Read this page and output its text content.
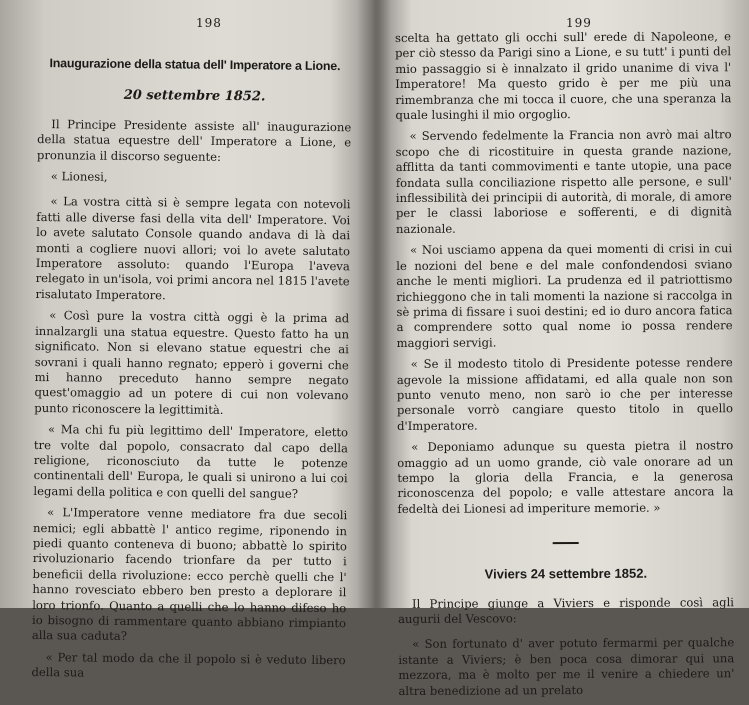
198
Inaugurazione della statua dell' Imperatore a Lione.
20 settembre 1852.

Il Principe Presidente assiste all' inaugurazione della statua equestre dell' Imperatore a Lione, e pronunzia il discorso seguente:

« Lionesi,

« La vostra città si è sempre legata con notevoli fatti alle diverse fasi della vita dell' Imperatore. Voi lo avete salutato Console quando andava di là dai monti a cogliere nuovi allori; voi lo avete salutato Imperatore assoluto: quando l'Europa l'aveva relegato in un'isola, voi primi ancora nel 1815 l'avete risalutato Imperatore.

« Così pure la vostra città oggi è la prima ad innalzargli una statua equestre. Questo fatto ha un significato. Non si elevano statue equestri che ai sovrani i quali hanno regnato; epperò i governi che mi hanno preceduto hanno sempre negato quest'omaggio ad un potere di cui non volevano punto riconoscere la legittimità.

« Ma chi fu più legittimo dell' Imperatore, eletto tre volte dal popolo, consacrato dal capo della religione, riconosciuto da tutte le potenze continentali dell' Europa, le quali si unirono a lui coi legami della politica e con quelli del sangue?

« L'Imperatore venne mediatore fra due secoli nemici; egli abbattè l' antico regime, riponendo in piedi quanto conteneva di buono; abbattè lo spirito rivoluzionario facendo trionfare da per tutto i beneficii della rivoluzione: ecco perchè quelli che l' hanno rovesciato ebbero ben presto a deplorare il loro trionfo. Quanto a quelli che lo hanno difeso ho io bisogno di rammentare quanto abbiano rimpianto alla sua caduta?

« Per tal modo da che il popolo si è veduto libero della sua

199

scelta ha gettato gli occhi sull' erede di Napoleone, e per ciò stesso da Parigi sino a Lione, e su tutt' i punti del mio passaggio si è innalzato il grido unanime di viva l' Imperatore! Ma questo grido è per me più una rimembranza che mi tocca il cuore, che una speranza la quale lusinghi il mio orgoglio.

« Servendo fedelmente la Francia non avrò mai altro scopo che di ricostituire in questa grande nazione, afflitta da tanti commovimenti e tante utopie, una pace fondata sulla conciliazione rispetto alle persone, e sull' inflessibilità dei principii di autorità, di morale, di amore per le classi laboriose e sofferenti, e di dignità nazionale.

« Noi usciamo appena da quei momenti di crisi in cui le nozioni del bene e del male confondendosi sviano anche le menti migliori. La prudenza ed il patriottismo richieggono che in tali momenti la nazione si raccolga in sè prima di fissare i suoi destini; ed io duro ancora fatica a comprendere sotto qual nome io possa rendere maggiori servigi.

« Se il modesto titolo di Presidente potesse rendere agevole la missione affidatami, ed alla quale non son punto venuto meno, non sarò io che per interesse personale vorrò cangiare questo titolo in quello d'Imperatore.

« Deponiamo adunque su questa pietra il nostro omaggio ad un uomo grande, ciò vale onorare ad un tempo la gloria della Francia, e la generosa riconoscenza del popolo; e valle attestare ancora la fedeltà dei Lionesi ad imperiture memorie. »

Viviers 24 settembre 1852.

Il Principe giunge a Viviers e risponde così agli augurii del Vescovo:

« Son fortunato d' aver potuto fermarmi per qualche istante a Viviers; è ben poca cosa dimorar qui una mezzora, ma è molto per me il venire a chiedere un' altra benedizione ad un prelato
